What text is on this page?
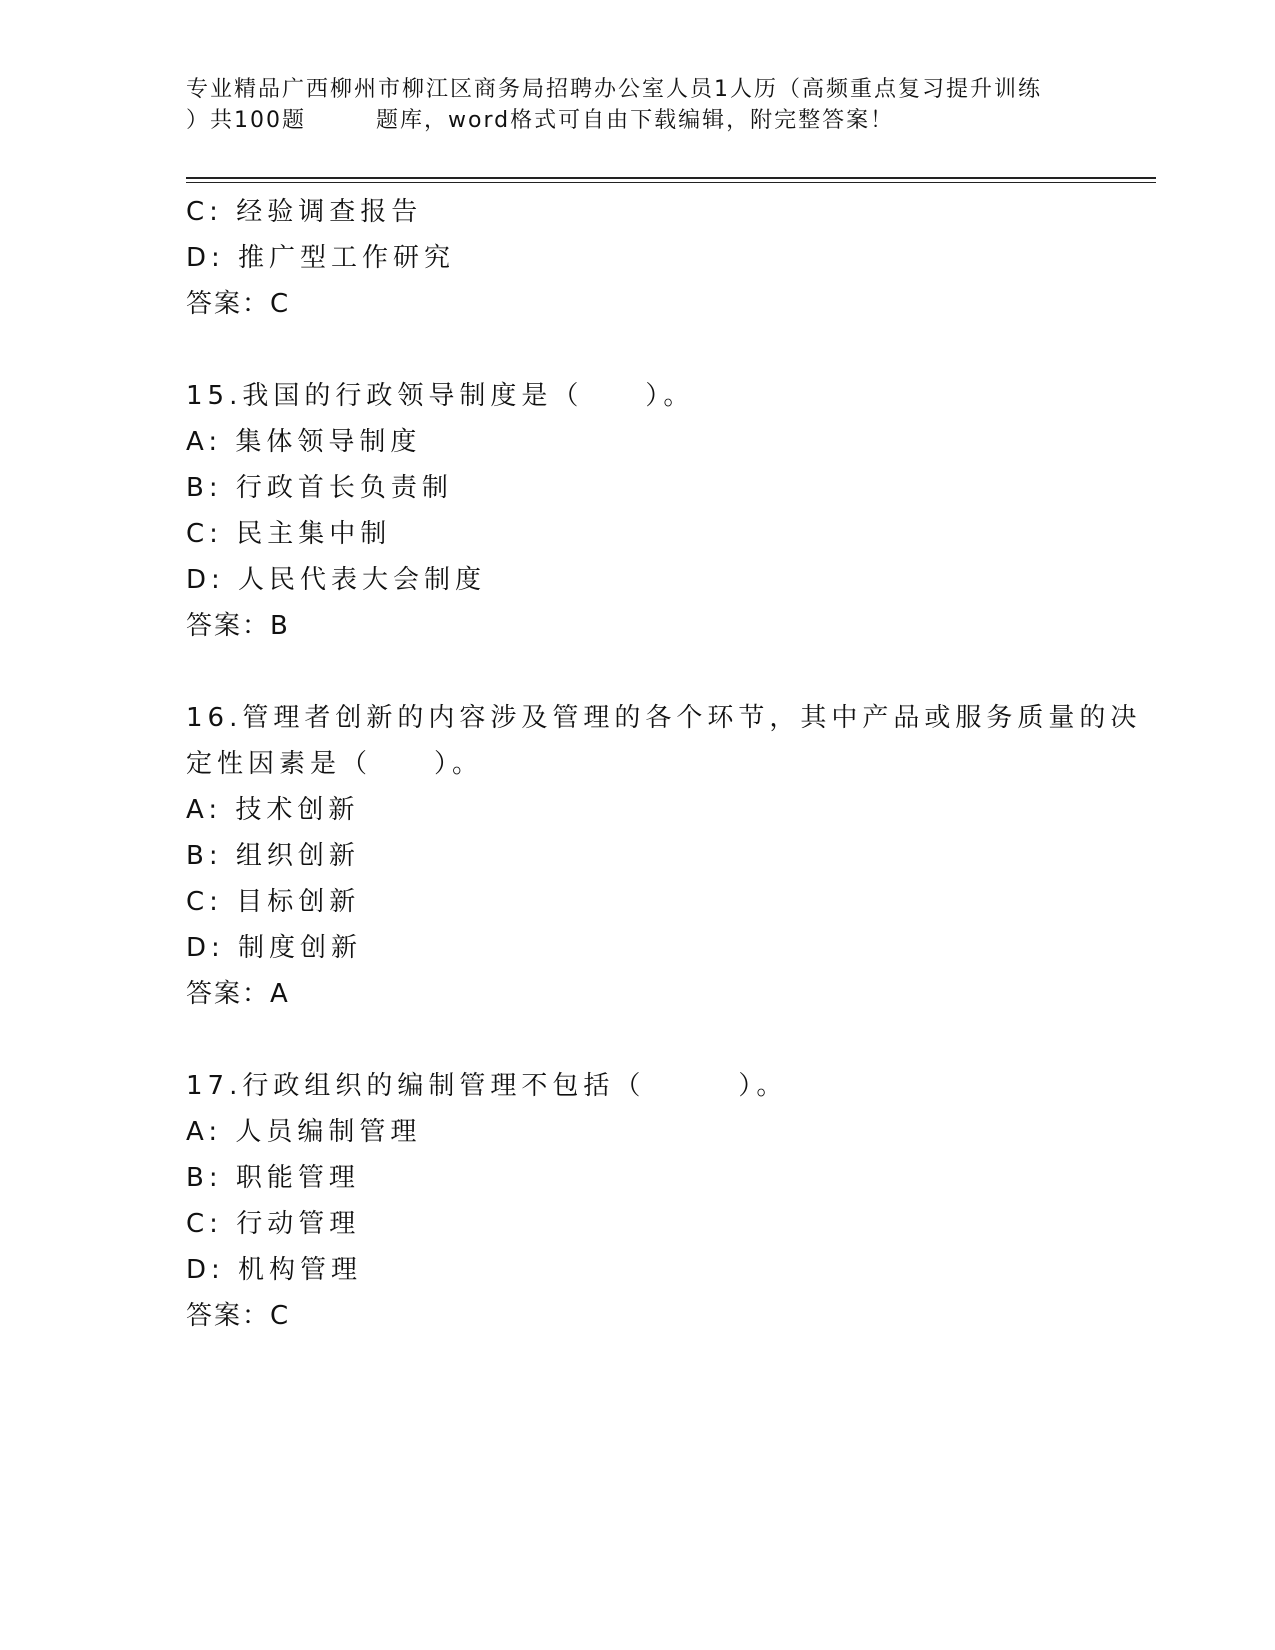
专业精品广西柳州市柳江区商务局招聘办公室人员1人历（高频重点复习提升训练
）共100题	题库，word格式可自由下载编辑，附完整答案！
C: 经验调查报告
D: 推广型工作研究
答案：C
15.我国的行政领导制度是（　　）。
A: 集体领导制度
B: 行政首长负责制
C: 民主集中制
D: 人民代表大会制度
答案：B
16.管理者创新的内容涉及管理的各个环节，其中产品或服务质量的决
定性因素是（　　）。
A: 技术创新
B: 组织创新
C: 目标创新
D: 制度创新
答案：A
17.行政组织的编制管理不包括（　　　）。
A: 人员编制管理
B: 职能管理
C: 行动管理
D: 机构管理
答案：C
